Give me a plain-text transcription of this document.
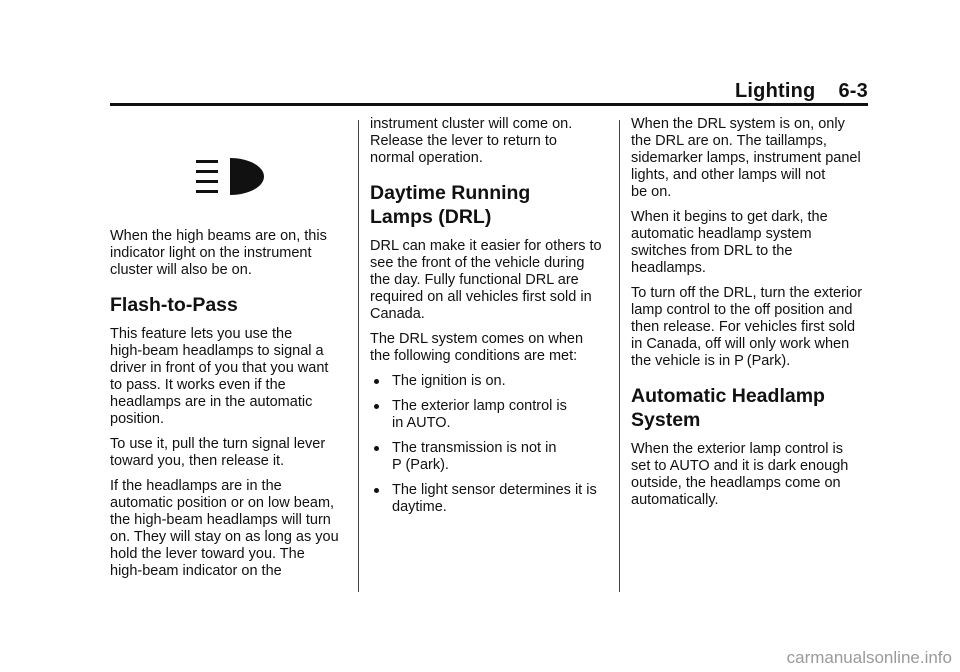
Lighting    6-3

When the high beams are on, this
indicator light on the instrument
cluster will also be on.

Flash-to-Pass

This feature lets you use the
high-beam headlamps to signal a
driver in front of you that you want
to pass. It works even if the
headlamps are in the automatic
position.

To use it, pull the turn signal lever
toward you, then release it.

If the headlamps are in the
automatic position or on low beam,
the high-beam headlamps will turn
on. They will stay on as long as you
hold the lever toward you. The
high-beam indicator on the

instrument cluster will come on.
Release the lever to return to
normal operation.

Daytime Running
Lamps (DRL)

DRL can make it easier for others to
see the front of the vehicle during
the day. Fully functional DRL are
required on all vehicles first sold in
Canada.

The DRL system comes on when
the following conditions are met:

The ignition is on.
The exterior lamp control is
in AUTO.
The transmission is not in
P (Park).
The light sensor determines it is
daytime.

When the DRL system is on, only
the DRL are on. The taillamps,
sidemarker lamps, instrument panel
lights, and other lamps will not
be on.

When it begins to get dark, the
automatic headlamp system
switches from DRL to the
headlamps.

To turn off the DRL, turn the exterior
lamp control to the off position and
then release. For vehicles first sold
in Canada, off will only work when
the vehicle is in P (Park).

Automatic Headlamp
System

When the exterior lamp control is
set to AUTO and it is dark enough
outside, the headlamps come on
automatically.

carmanualsonline.info
